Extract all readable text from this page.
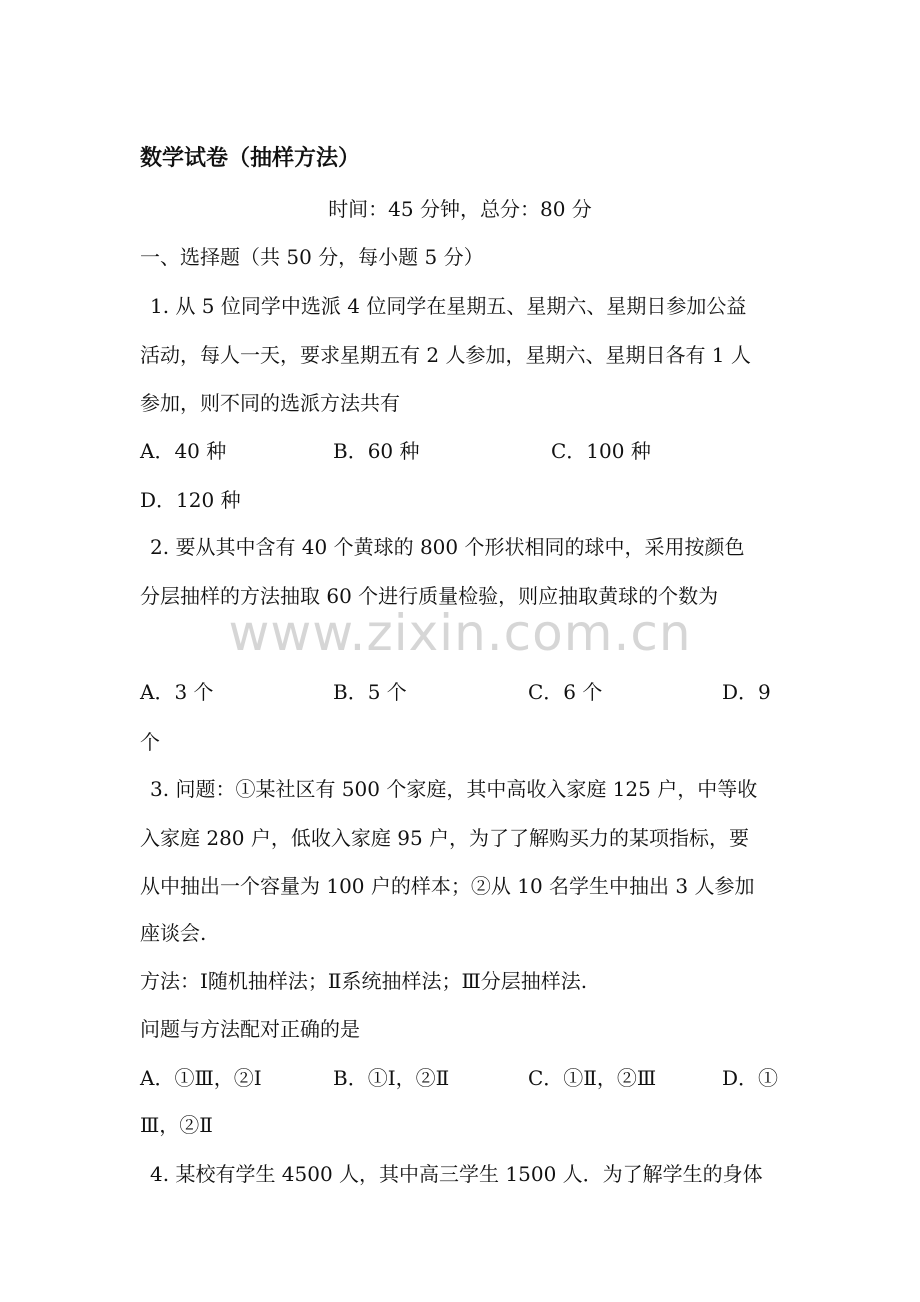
www.zixin.com.cn
数学试卷（抽样方法）
时间：45 分钟，总分：80 分
一、选择题（共 50 分，每小题 5 分）
1. 从 5 位同学中选派 4 位同学在星期五、星期六、星期日参加公益
活动，每人一天，要求星期五有 2 人参加，星期六、星期日各有 1 人
参加，则不同的选派方法共有
A．40 种	B．60 种	C．100 种
D．120 种
2. 要从其中含有 40 个黄球的 800 个形状相同的球中，采用按颜色
分层抽样的方法抽取 60 个进行质量检验，则应抽取黄球的个数为
A．3 个	B．5 个	C．6 个	D．9
个
3. 问题：①某社区有 500 个家庭，其中高收入家庭 125 户，中等收
入家庭 280 户，低收入家庭 95 户，为了了解购买力的某项指标，要
从中抽出一个容量为 100 户的样本；②从 10 名学生中抽出 3 人参加
座谈会.
方法：Ⅰ随机抽样法；Ⅱ系统抽样法；Ⅲ分层抽样法.
问题与方法配对正确的是
A．①Ⅲ，②Ⅰ	B．①Ⅰ，②Ⅱ	C．①Ⅱ，②Ⅲ	D．①
Ⅲ，②Ⅱ
4. 某校有学生 4500 人，其中高三学生 1500 人．为了解学生的身体
